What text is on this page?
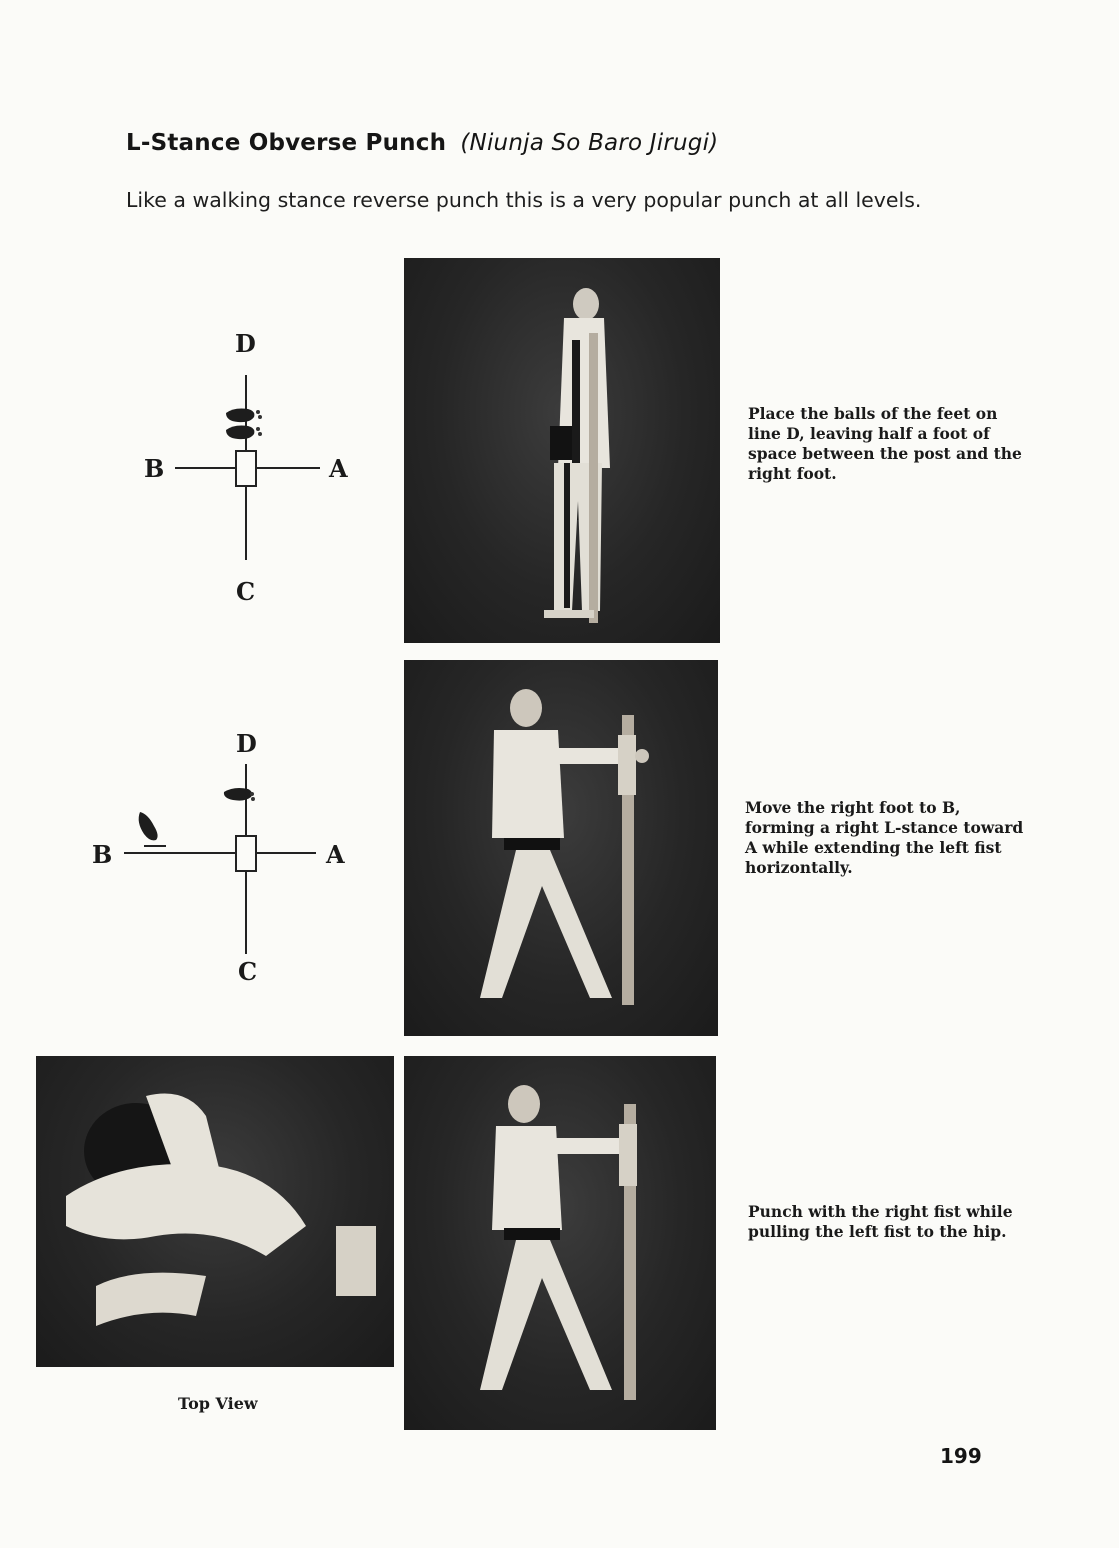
L-Stance Obverse Punch (Niunja So Baro Jirugi)

Like a walking stance reverse punch this is a very popular punch at all levels.

D
B	A
C

Place the balls of the feet on line D, leaving half a foot of space between the post and the right foot.

D
B	A
C

Move the right foot to B, forming a right L-stance toward A while extending the left fist horizontally.

Top View

Punch with the right fist while pulling the left fist to the hip.

199
